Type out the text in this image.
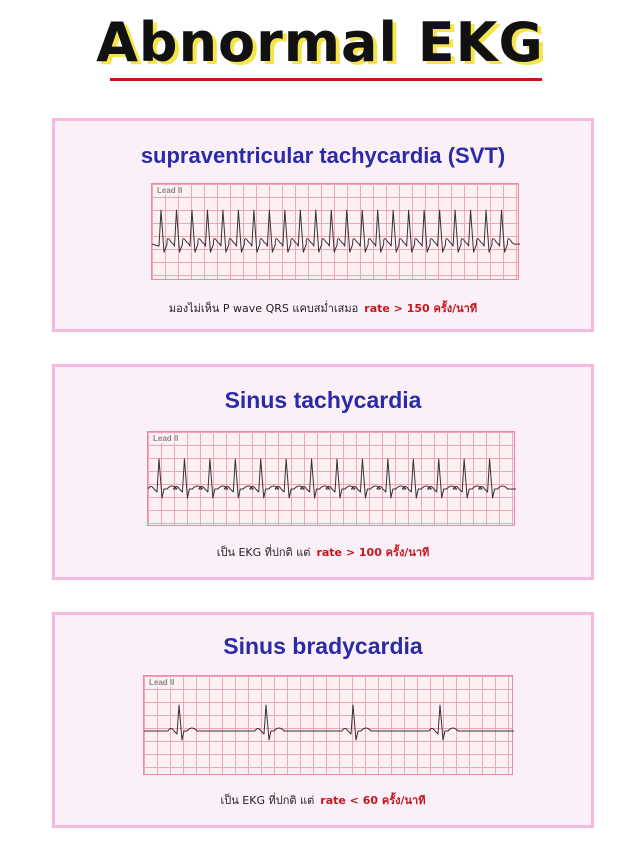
Abnormal EKG
supraventricular tachycardia (SVT)
Lead II
มองไม่เห็น P wave QRS แคบสม่ำเสมอ rate > 150 ครั้ง/นาที
Sinus tachycardia
Lead II
เป็น EKG ที่ปกติ แต่ rate > 100 ครั้ง/นาที
Sinus bradycardia
Lead II
เป็น EKG ที่ปกติ แต่ rate < 60 ครั้ง/นาที
